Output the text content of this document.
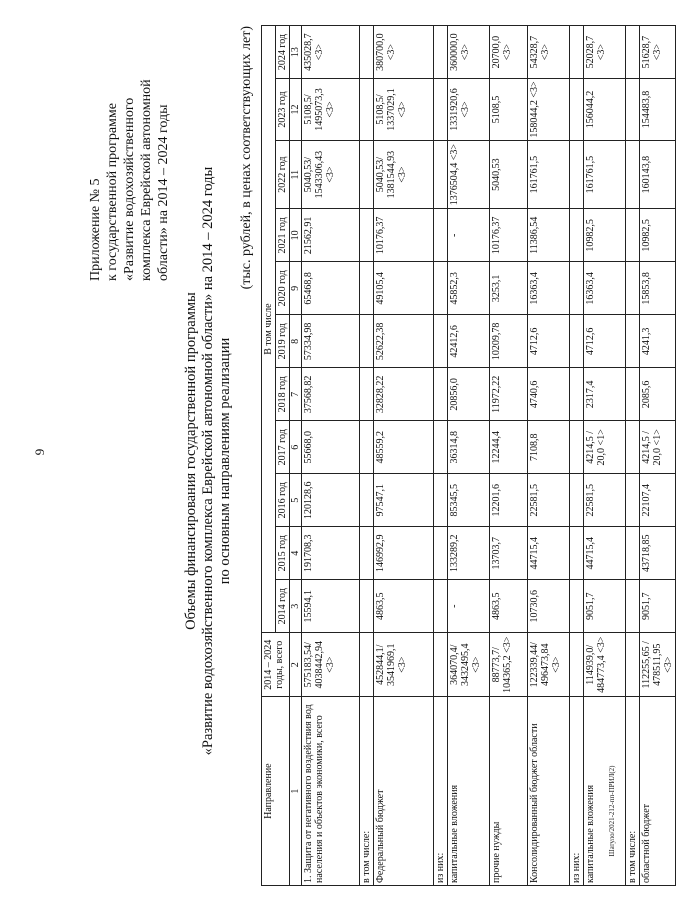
9
Шатуло/2021-212-пп-ПРИЛ(2)
Приложение № 5 к государственной программе «Развитие водохозяйственного комплекса Еврейской автономной области» на 2014 – 2024 годы
Объемы финансирования государственной программы «Развитие водохозяйственного комплекса Еврейской автономной области» на 2014 – 2024 годы по основным направлениям реализации
(тыс. рублей, в ценах соответствующих лет)
Направление	2014 – 2024 годы, всего	В том числе										
		2014 год	2015 год	2016 год	2017 год	2018 год	2019 год	2020 год	2021 год	2022 год	2023 год	2024 год
1	2	3	4	5	6	7	8	9	10	11	12	13
1. Защита от негативного воздействия вод населения и объектов экономики, всего	575183,54/ 4038442,94 <3>	15594,1	191708,3	120128,6	55668,0	37568,82	57334,98	65468,8	21562,91	5040,53/ 1543306,43 <3>	5108,5/ 1495073,3 <3>	435028,7 <3>
в том числе:												
Федеральный бюджет	452844,1/ 3541969,1 <3>	4863,5	146992,9	97547,1	48559,2	32828,22	52622,38	49105,4	10176,37	5040,53/ 1381544,93 <3>	5108,5/ 1337029,1 <3>	380700,0 <3>
из них:												
капитальные вложения	364070,4/ 3432495,4 <3>	-	133289,2	85345,5	36314,8	20856,0	42412,6	45852,3	-	1376504,4 <3>	1331920,6 <3>	360000,0 <3>
прочие нужды	88773,7/ 104365,2 <3>	4863,5	13703,7	12201,6	12244,4	11972,22	10209,78	3253,1	10176,37	5040,53	5108,5	20700,0 <3>
Консолидированный бюджет области	122339,44/ 496473,84 <3>	10730,6	44715,4	22581,5	7108,8	4740,6	4712,6	16363,4	11386,54	161761,5	158044,2 <3>	54328,7 <3>
из них:												
капитальные вложения	114939,0/ 484773,4 <3>	9051,7	44715,4	22581,5	4214,5 / 20,0 <1>	2317,4	4712,6	16363,4	10982,5	161761,5	156044,2	52028,7 <3>
в том числе:												
областной бюджет	112255,65 / 478511,95 <3>	9051,7	43718,85	22107,4	4214,5 / 20,0 <1>	2085,6	4241,3	15853,8	10982,5	160143,8	154483,8	51628,7 <3>
